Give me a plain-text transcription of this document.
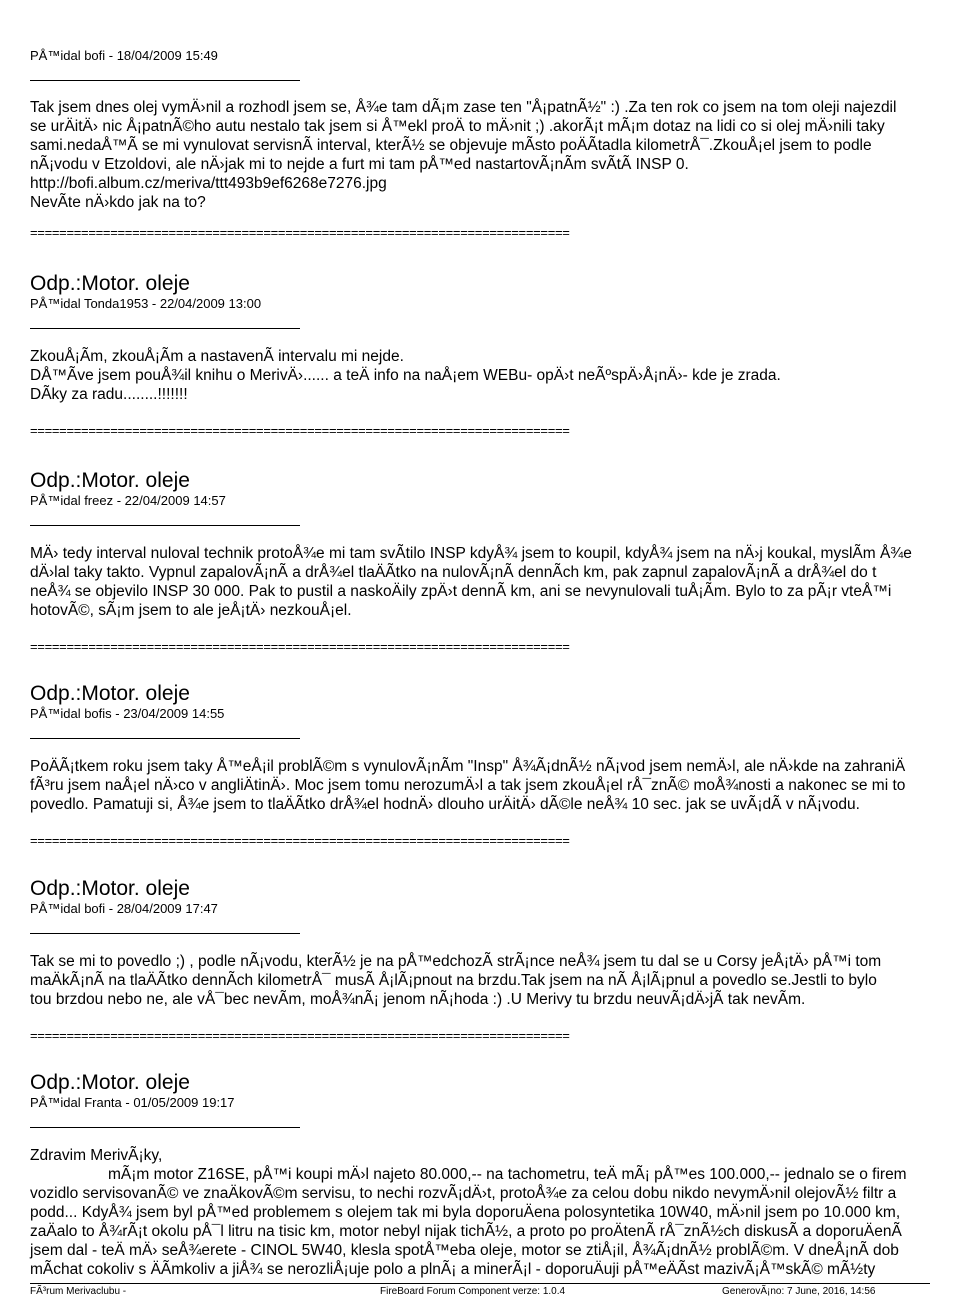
PÅ™idal bofi - 18/04/2009 15:49
Tak jsem dnes olej vymÄ›nil a rozhodl jsem se, Å¾e tam dÃ¡m zase ten "Å¡patnÃ½" :) .Za ten rok co jsem na tom oleji najezdil
se urÄitÄ› nic Å¡patnÃ©ho autu nestalo tak jsem si Å™ekl proÄ to mÄ›nit ;) .akorÃ¡t mÃ¡m dotaz na lidi co si olej mÄ›nili taky
sami.nedaÅ™Ã se mi vynulovat servisnÃ interval, kterÃ½ se objevuje mÃsto poÄÃtadla kilometrÅ¯.ZkouÅ¡el jsem to podle
nÃ¡vodu v Etzoldovi, ale nÄ›jak mi to nejde a furt mi tam pÅ™ed nastartovÃ¡nÃm svÃtÃ INSP 0.
http://bofi.album.cz/meriva/ttt493b9ef6268e7276.jpg
NevÃte nÄ›kdo jak na to?
==========================================================================
Odp.:Motor. oleje
PÅ™idal Tonda1953 - 22/04/2009 13:00
ZkouÅ¡Ãm, zkouÅ¡Ãm a nastavenÃ intervalu mi nejde.
DÅ™Ãve jsem pouÅ¾il knihu o MerivÄ›...... a teÄ info na naÅ¡em WEBu- opÄ›t neÃºspÄ›Å¡nÄ›- kde je zrada.
DÃky za radu........!!!!!!!
==========================================================================
Odp.:Motor. oleje
PÅ™idal freez - 22/04/2009 14:57
MÄ› tedy interval nuloval technik protoÅ¾e mi tam svÃtilo INSP kdyÅ¾ jsem to koupil, kdyÅ¾ jsem na nÄ›j koukal, myslÃm Å¾e
dÄ›lal taky takto. Vypnul zapalovÃ¡nÃ a drÅ¾el tlaÄÃtko na nulovÃ¡nÃ dennÃch km, pak zapnul zapalovÃ¡nÃ a drÅ¾el do t
neÅ¾ se objevilo INSP 30 000. Pak to pustil a naskoÄily zpÄ›t dennÃ km, ani se nevynulovali tuÅ¡Ãm. Bylo to za pÃ¡r vteÅ™i
hotovÃ©, sÃ¡m jsem to ale jeÅ¡tÄ› nezkouÅ¡el.
==========================================================================
Odp.:Motor. oleje
PÅ™idal bofis - 23/04/2009 14:55
PoÄÃ¡tkem roku jsem taky Å™eÅ¡il problÃ©m s vynulovÃ¡nÃm "Insp" Å¾Ã¡dnÃ½ nÃ¡vod jsem nemÄ›l, ale nÄ›kde na zahraniÄ
fÃ³ru jsem naÅ¡el nÄ›co v angliÄtinÄ›. Moc jsem tomu nerozumÄ›l a tak jsem zkouÅ¡el rÅ¯znÃ© moÅ¾nosti a nakonec se mi to
povedlo. Pamatuji si, Å¾e jsem to tlaÄÃtko drÅ¾el hodnÄ› dlouho urÄitÄ› dÃ©le neÅ¾ 10 sec. jak se uvÃ¡dÃ v nÃ¡vodu.
==========================================================================
Odp.:Motor. oleje
PÅ™idal bofi - 28/04/2009 17:47
Tak se mi to povedlo ;) , podle nÃ¡vodu, kterÃ½ je na pÅ™edchozÃ strÃ¡nce neÅ¾ jsem tu dal se u Corsy jeÅ¡tÄ› pÅ™i tom
maÄkÃ¡nÃ na tlaÄÃtko dennÃch kilometrÅ¯ musÃ Å¡lÃ¡pnout na brzdu.Tak jsem na nÃ Å¡lÃ¡pnul a povedlo se.Jestli to bylo
tou brzdou nebo ne, ale vÅ¯bec nevÃm, moÅ¾nÃ¡ jenom nÃ¡hoda :) .U Merivy tu brzdu neuvÃ¡dÄ›jÃ tak nevÃm.
==========================================================================
Odp.:Motor. oleje
PÅ™idal Franta - 01/05/2009 19:17
Zdravim MerivÃ¡ky,
mÃ¡m motor Z16SE, pÅ™i koupi mÄ›l najeto 80.000,-- na tachometru, teÄ mÃ¡ pÅ™es 100.000,-- jednalo se o firem
vozidlo servisovanÃ© ve znaÄkovÃ©m servisu, to nechi rozvÃ¡dÄ›t, protoÅ¾e za celou dobu nikdo nevymÄ›nil olejovÃ½ filtr a
podd... KdyÅ¾ jsem byl pÅ™ed problemem s olejem tak mi byla doporuÄena polosyntetika 10W40, mÄ›nil jsem po 10.000 km,
zaÄalo to Å¾rÃ¡t okolu pÅ¯l litru na tisic km, motor nebyl nijak tichÃ½, a proto po proÄtenÃ rÅ¯znÃ½ch diskusÃ a doporuÄenÃ
jsem dal - teÄ mÄ› seÅ¾erete - CINOL 5W40, klesla spotÅ™eba oleje, motor se ztiÅ¡il, Å¾Ã¡dnÃ½ problÃ©m. V dneÅ¡nÃ dob
mÃchat cokoliv s ÄÃmkoliv a jiÅ¾ se nerozliÅ¡uje polo a plnÃ¡ a minerÃ¡l - doporuÄuji pÅ™eÄÃst mazivÃ¡Å™skÃ© mÃ½ty
FÃ³rum Merivaclubu -	FireBoard Forum Component verze: 1.0.4	GenerovÃ¡no: 7 June, 2016, 14:56
